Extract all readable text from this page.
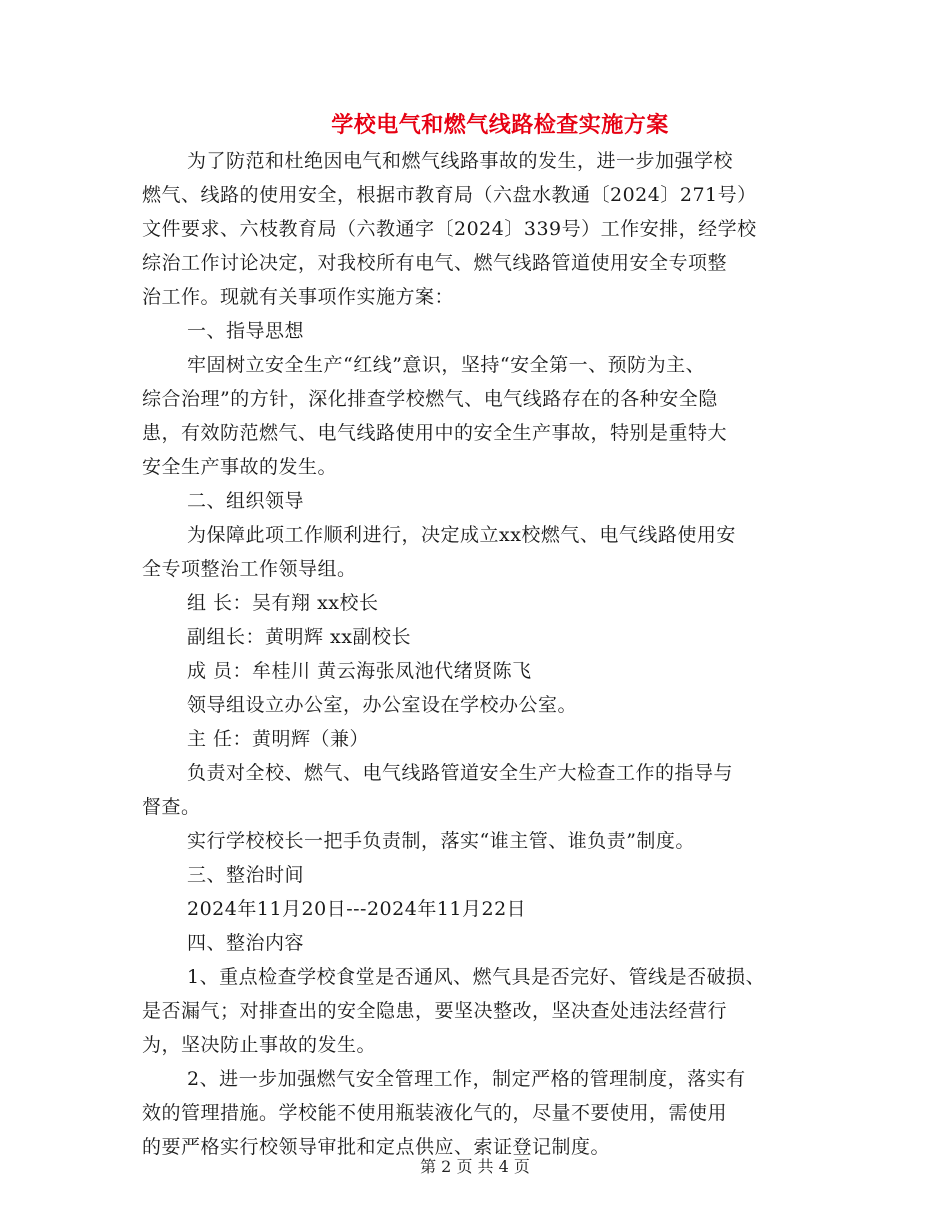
学校电气和燃气线路检查实施方案
为了防范和杜绝因电气和燃气线路事故的发生，进一步加强学校
燃气、线路的使用安全，根据市教育局（六盘水教通〔2024〕271号）
文件要求、六枝教育局（六教通字〔2024〕339号）工作安排，经学校
综治工作讨论决定，对我校所有电气、燃气线路管道使用安全专项整
治工作。现就有关事项作实施方案：
一、指导思想
牢固树立安全生产“红线”意识，坚持“安全第一、预防为主、
综合治理”的方针，深化排查学校燃气、电气线路存在的各种安全隐
患，有效防范燃气、电气线路使用中的安全生产事故，特别是重特大
安全生产事故的发生。
二、组织领导
为保障此项工作顺利进行，决定成立xx校燃气、电气线路使用安
全专项整治工作领导组。
组 长：吴有翔 xx校长
副组长：黄明辉 xx副校长
成 员：牟桂川 黄云海张凤池代绪贤陈飞
领导组设立办公室，办公室设在学校办公室。
主 任：黄明辉（兼）
负责对全校、燃气、电气线路管道安全生产大检查工作的指导与
督查。
实行学校校长一把手负责制，落实“谁主管、谁负责”制度。
三、整治时间
2024年11月20日---2024年11月22日
四、整治内容
1、重点检查学校食堂是否通风、燃气具是否完好、管线是否破损、
是否漏气；对排查出的安全隐患，要坚决整改，坚决查处违法经营行
为，坚决防止事故的发生。
2、进一步加强燃气安全管理工作，制定严格的管理制度，落实有
效的管理措施。学校能不使用瓶装液化气的，尽量不要使用，需使用
的要严格实行校领导审批和定点供应、索证登记制度。
第 2 页 共 4 页
